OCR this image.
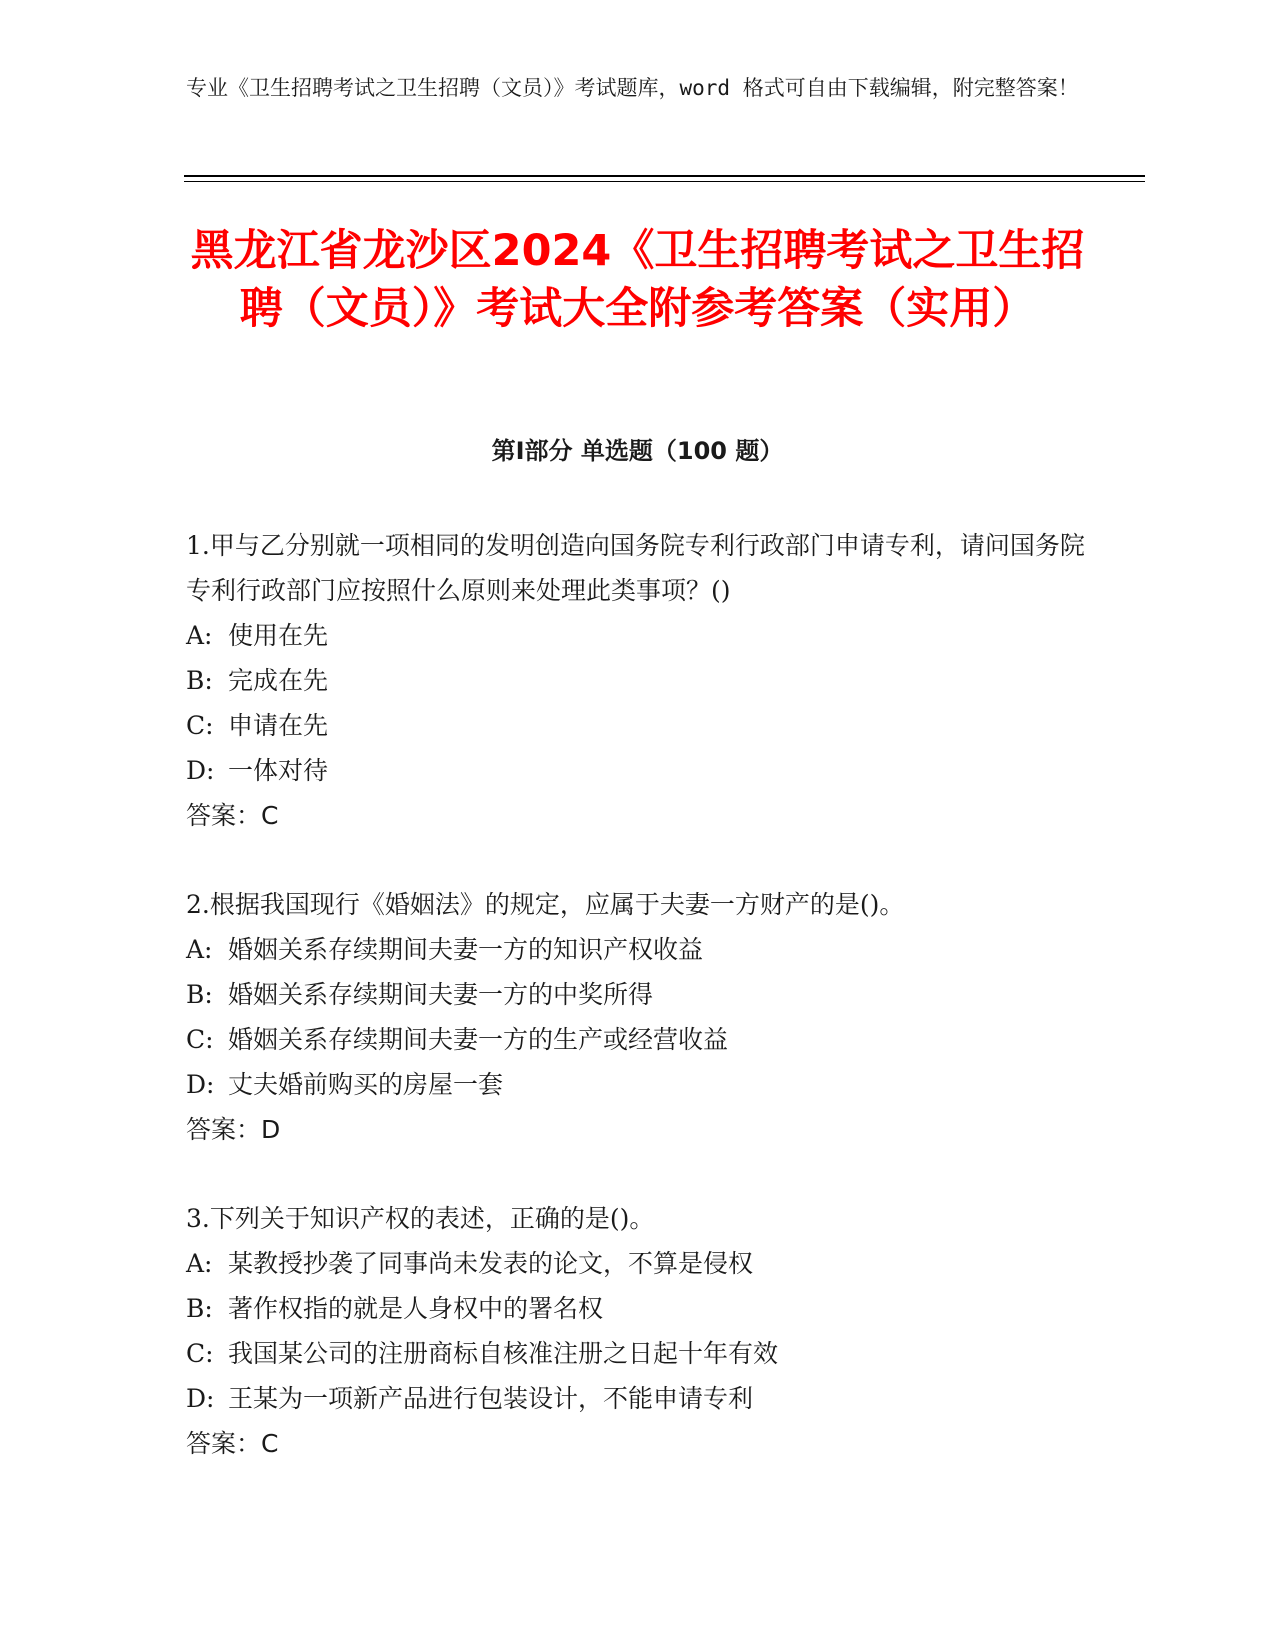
专业《卫生招聘考试之卫生招聘（文员）》考试题库，word 格式可自由下载编辑，附完整答案！
黑龙江省龙沙区2024《卫生招聘考试之卫生招聘（文员）》考试大全附参考答案（实用）
第Ⅰ部分 单选题（100 题）

1.甲与乙分别就一项相同的发明创造向国务院专利行政部门申请专利，请问国务院专利行政部门应按照什么原则来处理此类事项？()

A: 使用在先

B: 完成在先

C: 申请在先

D: 一体对待

答案：C

2.根据我国现行《婚姻法》的规定，应属于夫妻一方财产的是()。

A: 婚姻关系存续期间夫妻一方的知识产权收益

B: 婚姻关系存续期间夫妻一方的中奖所得

C: 婚姻关系存续期间夫妻一方的生产或经营收益

D: 丈夫婚前购买的房屋一套

答案：D

3.下列关于知识产权的表述，正确的是()。

A: 某教授抄袭了同事尚未发表的论文，不算是侵权

B: 著作权指的就是人身权中的署名权

C: 我国某公司的注册商标自核准注册之日起十年有效

D: 王某为一项新产品进行包装设计，不能申请专利

答案：C
